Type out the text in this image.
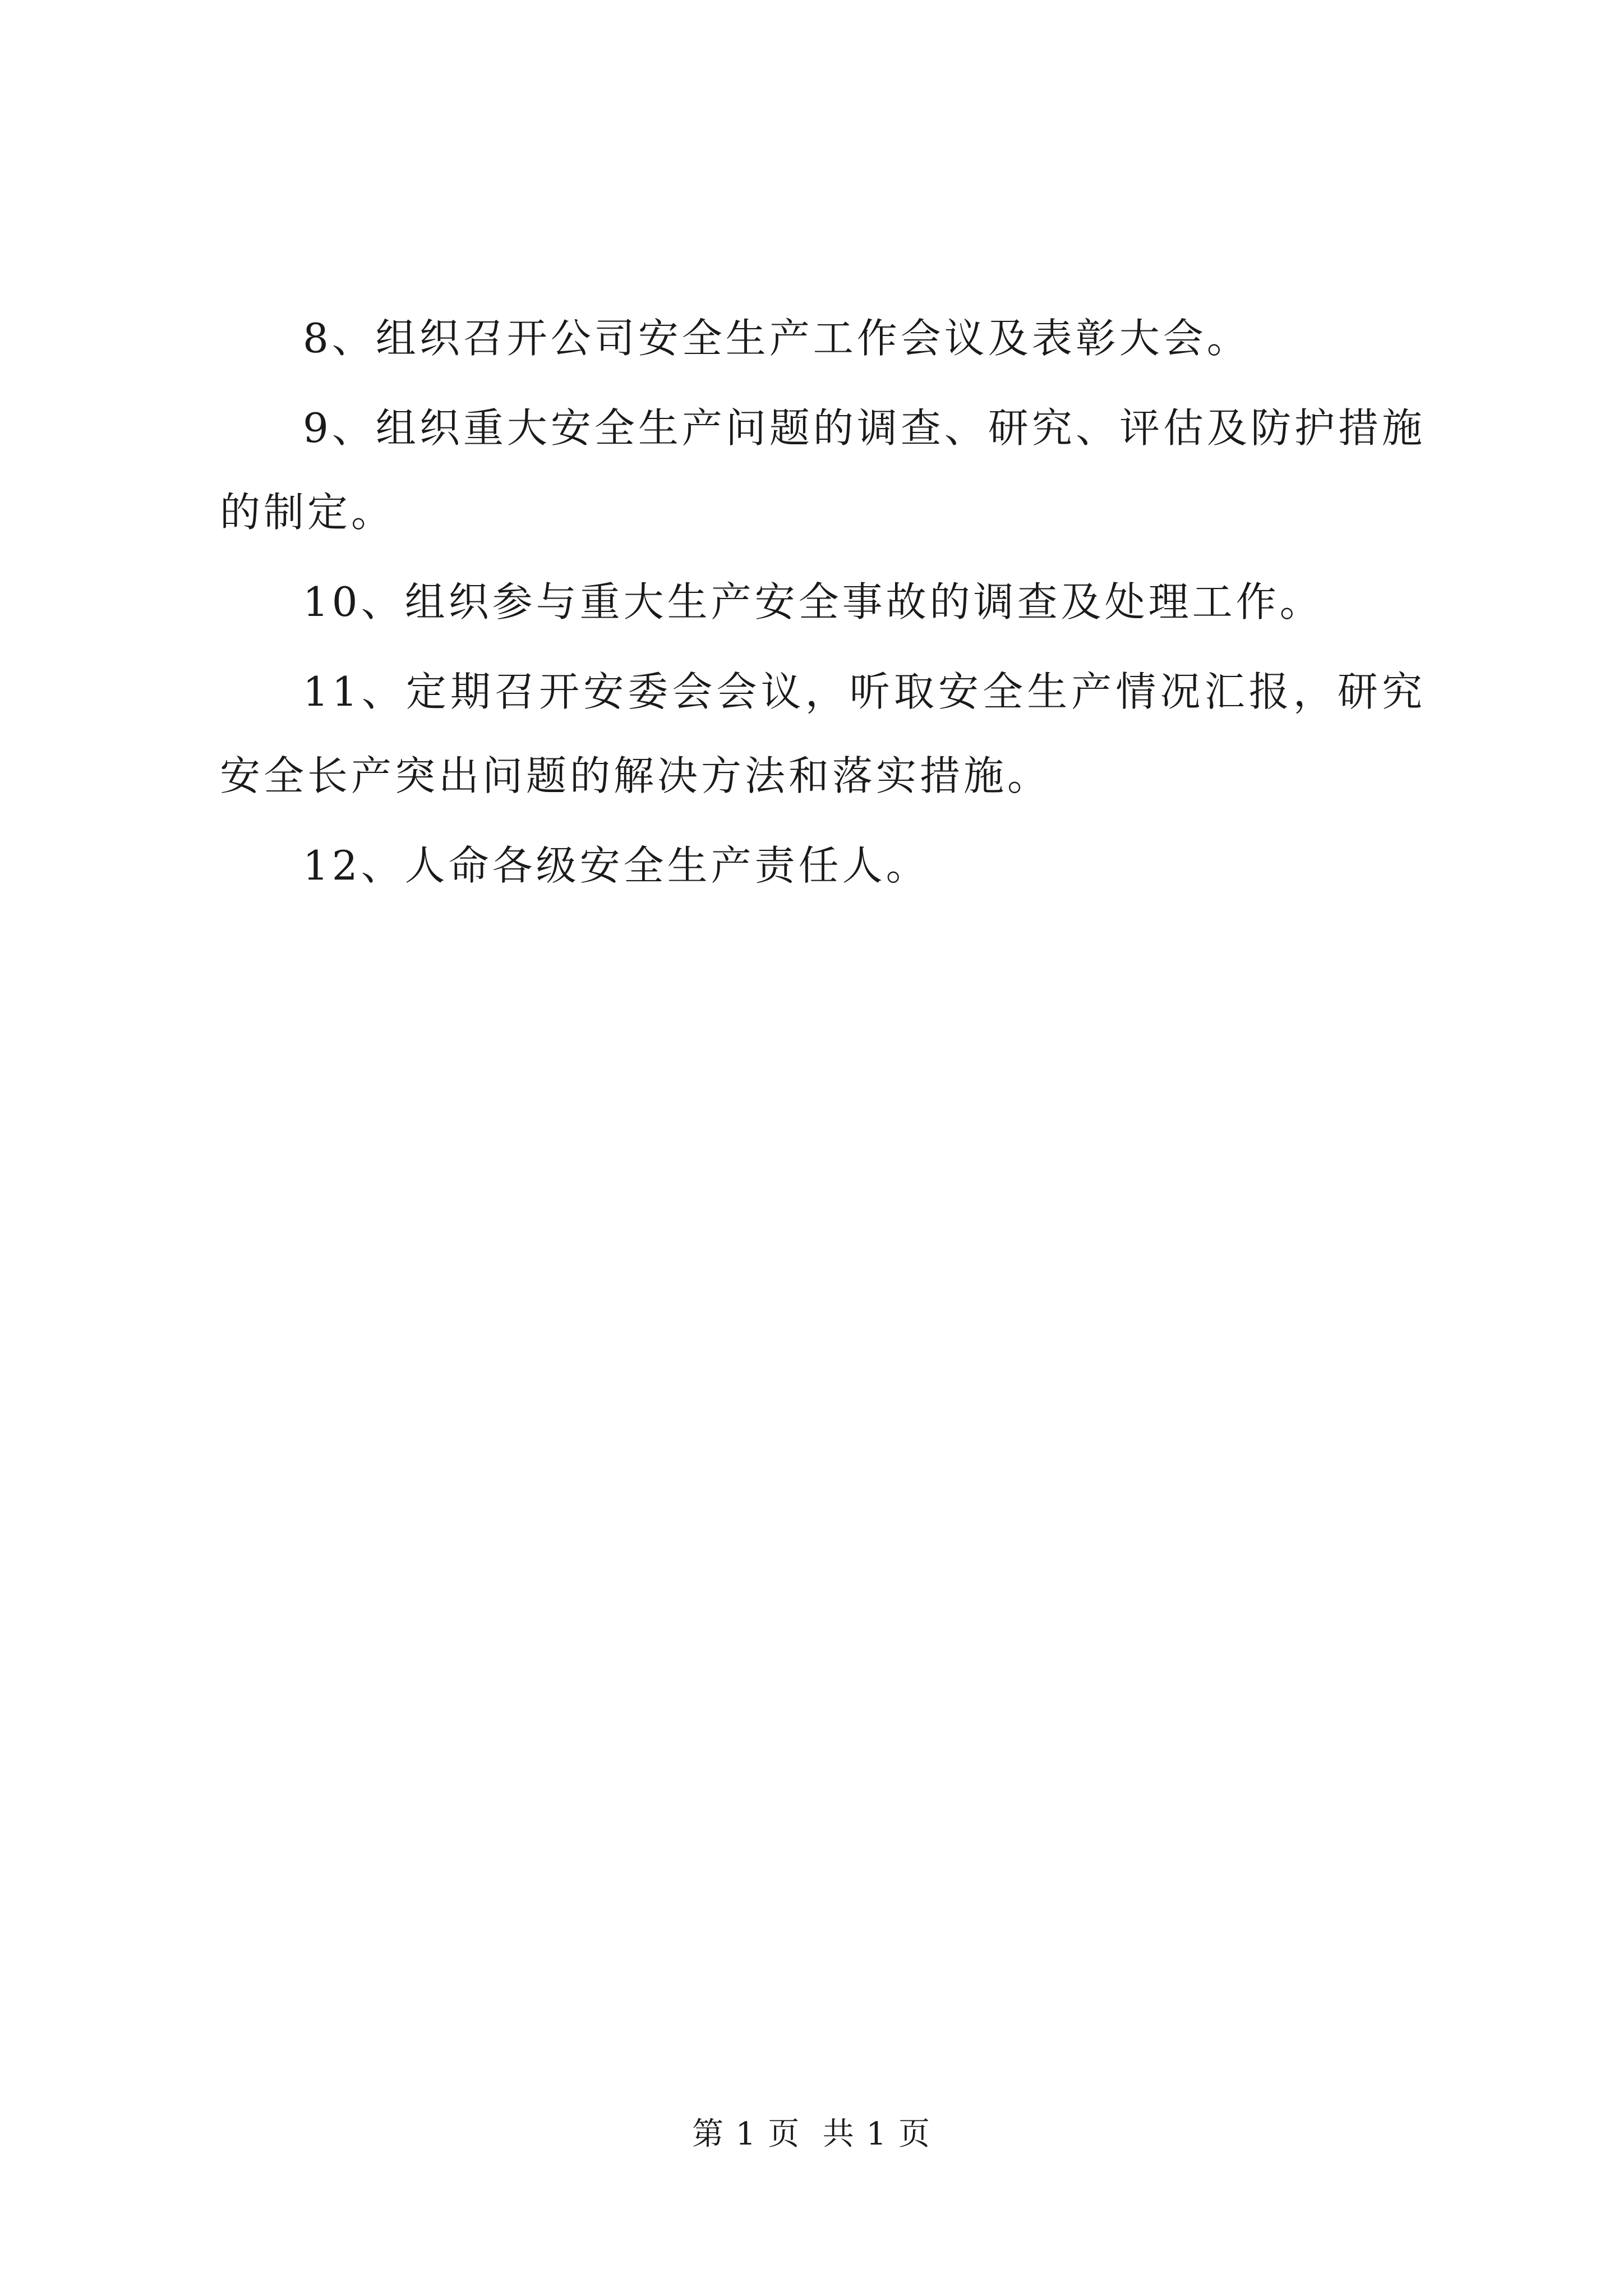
8、组织召开公司安全生产工作会议及表彰大会。

9、组织重大安全生产问题的调查、研究、评估及防护措施的制定。

10、组织参与重大生产安全事故的调查及处理工作。

11、定期召开安委会会议，听取安全生产情况汇报，研究安全长产突出问题的解决方法和落实措施。

12、人命各级安全生产责任人。

第 1 页  共 1 页
